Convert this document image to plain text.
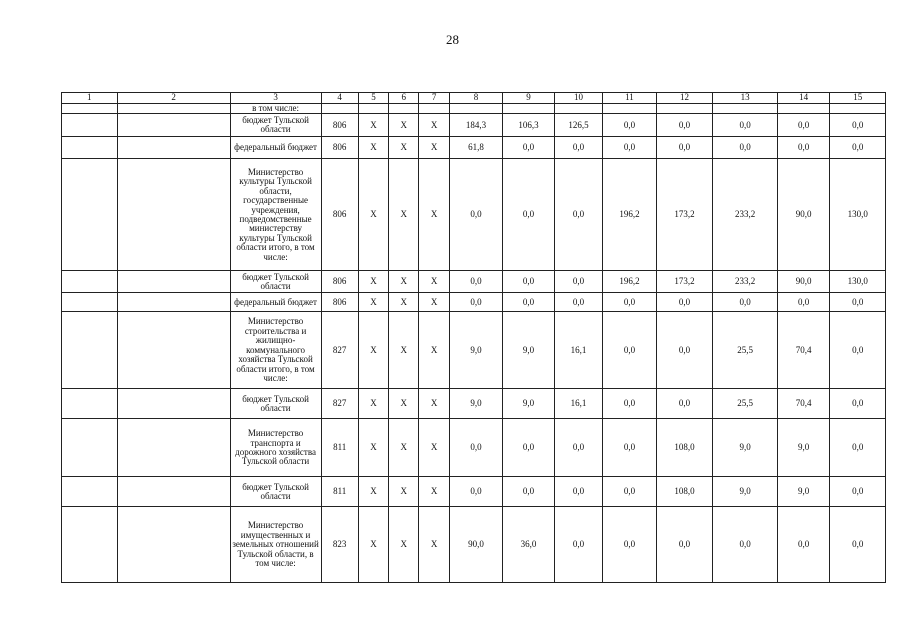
28
1	2	3	4	5	6	7	8	9	10	11	12	13	14	15
		в том числе:												
		бюджет Тульской области	806	Х	Х	Х	184,3	106,3	126,5	0,0	0,0	0,0	0,0	0,0
		федеральный бюджет	806	Х	Х	Х	61,8	0,0	0,0	0,0	0,0	0,0	0,0	0,0
		Министерство культуры Тульской области, государственные учреждения, подведомственные министерству культуры Тульской области итого, в том числе:	806	Х	Х	Х	0,0	0,0	0,0	196,2	173,2	233,2	90,0	130,0
		бюджет Тульской области	806	Х	Х	Х	0,0	0,0	0,0	196,2	173,2	233,2	90,0	130,0
		федеральный бюджет	806	Х	Х	Х	0,0	0,0	0,0	0,0	0,0	0,0	0,0	0,0
		Министерство строительства и жилищно-коммунального хозяйства Тульской области итого, в том числе:	827	Х	Х	Х	9,0	9,0	16,1	0,0	0,0	25,5	70,4	0,0
		бюджет Тульской области	827	Х	Х	Х	9,0	9,0	16,1	0,0	0,0	25,5	70,4	0,0
		Министерство транспорта и дорожного хозяйства Тульской области	811	Х	Х	Х	0,0	0,0	0,0	0,0	108,0	9,0	9,0	0,0
		бюджет Тульской области	811	Х	Х	Х	0,0	0,0	0,0	0,0	108,0	9,0	9,0	0,0
		Министерство имущественных и земельных отношений Тульской области, в том числе:	823	Х	Х	Х	90,0	36,0	0,0	0,0	0,0	0,0	0,0	0,0
